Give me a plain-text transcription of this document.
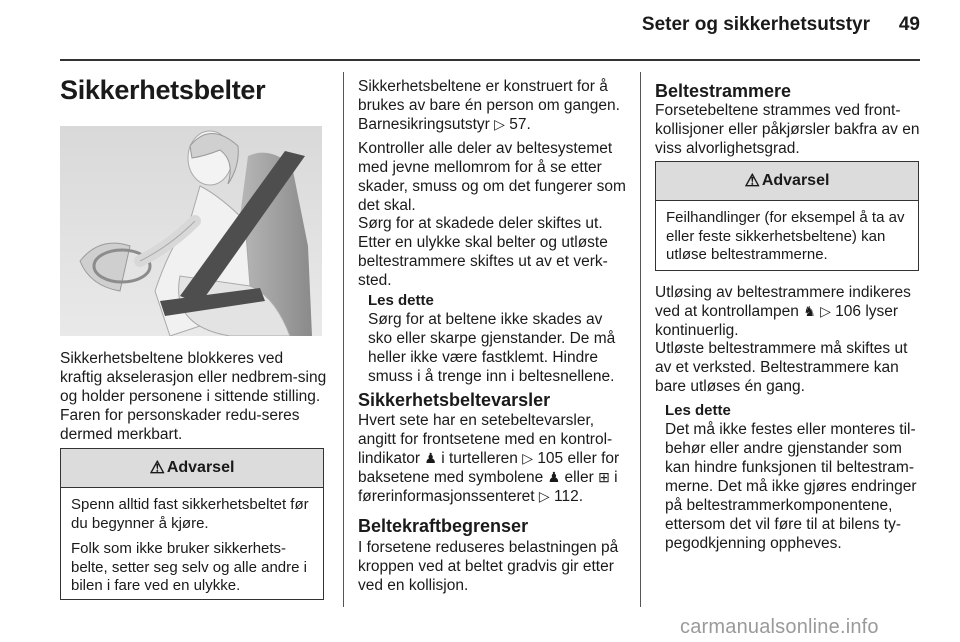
Seter og sikkerhetsutstyr	49
Sikkerhetsbelter
Sikkerhetsbeltene blokkeres ved kraftig akselerasjon eller nedbrem-sing og holder personene i sittende stilling. Faren for personskader redu-seres dermed merkbart.
⚠ Advarsel

Spenn alltid fast sikkerhetsbeltet før du begynner å kjøre.

Folk som ikke bruker sikkerhets-belte, setter seg selv og alle andre i bilen i fare ved en ulykke.

Sikkerhetsbeltene er konstruert for å brukes av bare én person om gangen. Barnesikringsutstyr ▷ 57.
Kontroller alle deler av beltesystemet med jevne mellomrom for å se etter skader, smuss og om det fungerer som det skal.
Sørg for at skadede deler skiftes ut. Etter en ulykke skal belter og utløste beltestrammere skiftes ut av et verk-sted.
Les dette
Sørg for at beltene ikke skades av sko eller skarpe gjenstander. De må heller ikke være fastklemt. Hindre smuss i å trenge inn i beltesnellene.
Sikkerhetsbeltevarsler
Hvert sete har en setebeltevarsler, angitt for frontsetene med en kontrol-lindikator ♟ i turtelleren ▷ 105 eller for baksetene med symbolene ♟ eller ⊞ i førerinformasjonssenteret ▷ 112.
Beltekraftbegrenser
I forsetene reduseres belastningen på kroppen ved at beltet gradvis gir etter ved en kollisjon.
Beltestrammere
Forsetebeltene strammes ved front-kollisjoner eller påkjørsler bakfra av en viss alvorlighetsgrad.
⚠ Advarsel

Feilhandlinger (for eksempel å ta av eller feste sikkerhetsbeltene) kan utløse beltestrammerne.

Utløsing av beltestrammere indikeres ved at kontrollampen ♞ ▷ 106 lyser kontinuerlig.
Utløste beltestrammere må skiftes ut av et verksted. Beltestrammere kan bare utløses én gang.
Les dette
Det må ikke festes eller monteres til-behør eller andre gjenstander som kan hindre funksjonen til beltestram-merne. Det må ikke gjøres endringer på beltestrammerkomponentene, ettersom det vil føre til at bilens ty-pegodkjenning oppheves.
carmanualsonline.info
